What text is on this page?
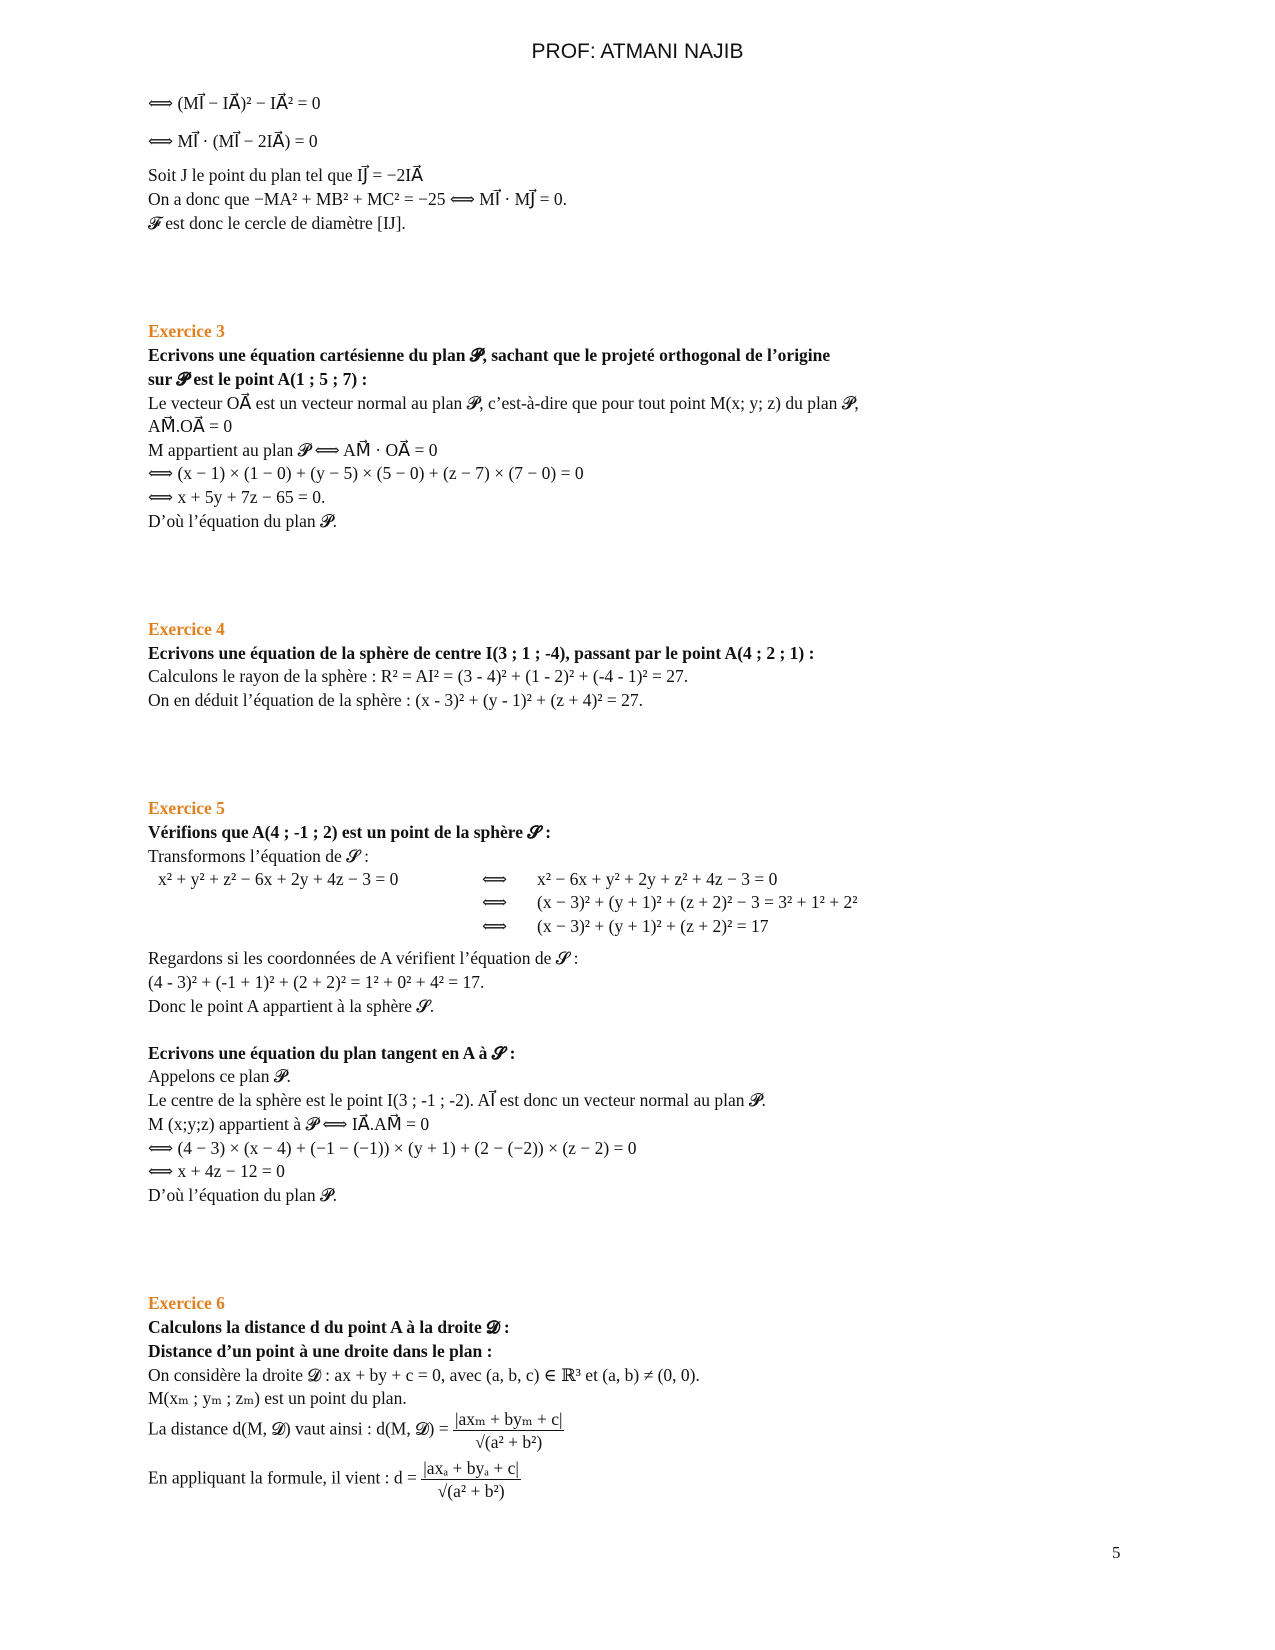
PROF: ATMANI NAJIB
⟺ (MI⃗ − IA⃗)² − IA⃗² = 0
⟺ MI⃗ · (MI⃗ − 2IA⃗) = 0
Soit J le point du plan tel que IJ⃗ = −2IA⃗
On a donc que −MA² + MB² + MC² = −25 ⟺ MI⃗ · MJ⃗ = 0.
𝓕 est donc le cercle de diamètre [IJ].
Exercice 3
Ecrivons une équation cartésienne du plan 𝓟, sachant que le projeté orthogonal de l’origine
sur 𝓟 est le point A(1 ; 5 ; 7) :
Le vecteur OA⃗ est un vecteur normal au plan 𝓟, c’est-à-dire que pour tout point M(x; y; z) du plan 𝓟,
AM⃗.OA⃗ = 0
M appartient au plan 𝓟 ⟺ AM⃗ · OA⃗ = 0
⟺ (x − 1) × (1 − 0) + (y − 5) × (5 − 0) + (z − 7) × (7 − 0) = 0
⟺ x + 5y + 7z − 65 = 0.
D’où l’équation du plan 𝓟.
Exercice 4
Ecrivons une équation de la sphère de centre I(3 ; 1 ; -4), passant par le point A(4 ; 2 ; 1) :
Calculons le rayon de la sphère : R² = AI² = (3 - 4)² + (1 - 2)² + (-4 - 1)² = 27.
On en déduit l’équation de la sphère : (x - 3)² + (y - 1)² + (z + 4)² = 27.
Exercice 5
Vérifions que A(4 ; -1 ; 2) est un point de la sphère 𝓢 :
Transformons l’équation de 𝓢 :
x² + y² + z² − 6x + 2y + 4z − 3 = 0	⟺
⟺
⟺
x² − 6x + y² + 2y + z² + 4z − 3 = 0
(x − 3)² + (y + 1)² + (z + 2)² − 3 = 3² + 1² + 2²
(x − 3)² + (y + 1)² + (z + 2)² = 17
Regardons si les coordonnées de A vérifient l’équation de 𝓢 :
(4 - 3)² + (-1 + 1)² + (2 + 2)² = 1² + 0² + 4² = 17.
Donc le point A appartient à la sphère 𝓢.
Ecrivons une équation du plan tangent en A à 𝓢 :
Appelons ce plan 𝓟.
Le centre de la sphère est le point I(3 ; -1 ; -2). AI⃗ est donc un vecteur normal au plan 𝓟.
M (x;y;z) appartient à 𝓟 ⟺ IA⃗.AM⃗ = 0
⟺ (4 − 3) × (x − 4) + (−1 − (−1)) × (y + 1) + (2 − (−2)) × (z − 2) = 0
⟺ x + 4z − 12 = 0
D’où l’équation du plan 𝓟.
Exercice 6
Calculons la distance d du point A à la droite 𝓓 :
Distance d’un point à une droite dans le plan :
On considère la droite 𝓓 : ax + by + c = 0, avec (a, b, c) ∈ ℝ³ et (a, b) ≠ (0, 0).
M(xₘ ; yₘ ; zₘ) est un point du plan.
La distance d(M, 𝓓) vaut ainsi : d(M, 𝓓) = $\frac{\text{|axₘ + byₘ + c|}}{\text{√(a² + b²)}}$
En appliquant la formule, il vient : $d = \frac{\text{|axₐ + byₐ + c|}}{\text{√(a² + b²)}}$
5
